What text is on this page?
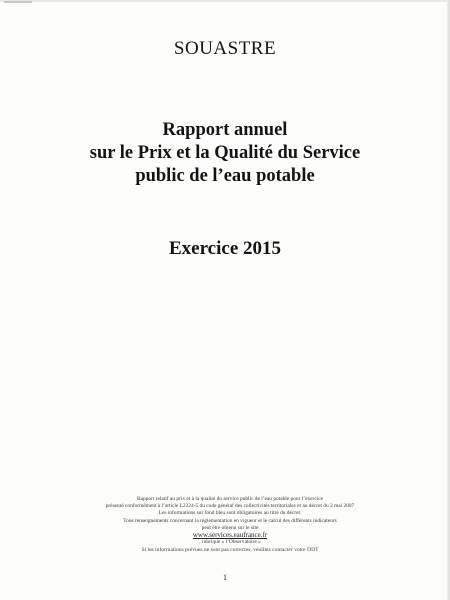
SOUASTRE
Rapport annuel
sur le Prix et la Qualité du Service
public de l’eau potable
Exercice 2015
Rapport relatif au prix et à la qualité du service public de l’eau potable pour l’exercice
présenté conformément à l’article L2224-5 du code général des collectivités territoriales et au décret du 2 mai 2007
Les informations sur fond bleu sont obligatoires au titre du décret.
Tous renseignements concernant la réglementation en vigueur et le calcul des différents indicateurs
peut être obtenu sur le site
www.services.eaufrance.fr
, rubrique « l’Observatoire »
Si les informations prévues ne sont pas correctes, veuillez contacter votre DDT
1
